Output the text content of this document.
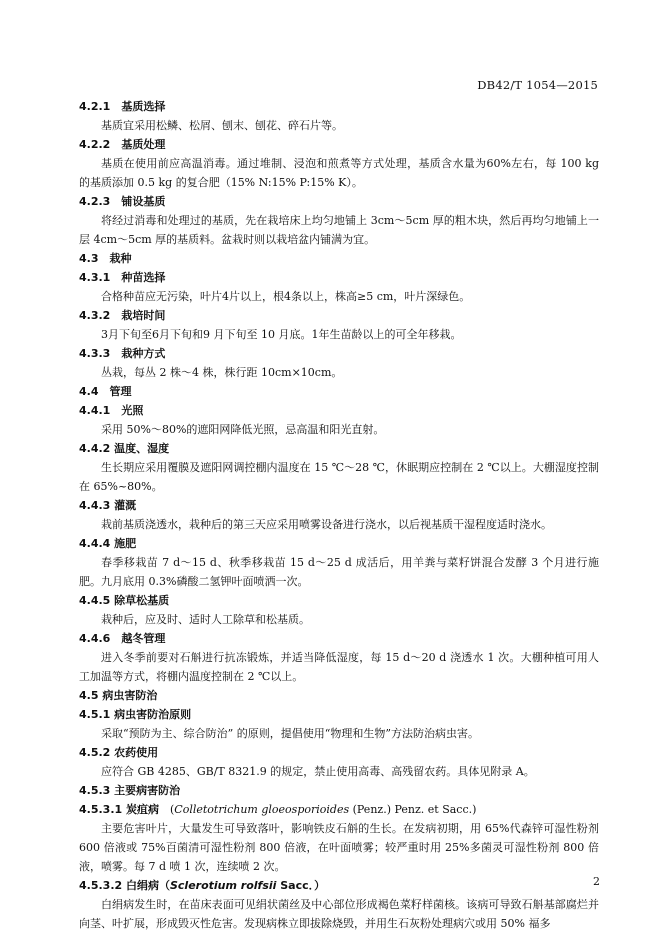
DB42/T 1054—2015
4.2.1　基质选择
基质宜采用松鳞、松屑、刨末、刨花、碎石片等。
4.2.2　基质处理
基质在使用前应高温消毒。通过堆制、浸泡和煎煮等方式处理，基质含水量为60%左右，每 100 kg 的基质添加 0.5 kg 的复合肥（15% N:15% P:15% K）。
4.2.3　铺设基质
将经过消毒和处理过的基质，先在栽培床上均匀地铺上 3cm～5cm 厚的粗木块，然后再均匀地铺上一层 4cm～5cm 厚的基质料。盆栽时则以栽培盆内铺满为宜。
4.3　栽种
4.3.1　种苗选择
合格种苗应无污染，叶片4片以上，根4条以上，株高≥5 cm，叶片深绿色。
4.3.2　栽培时间
3月下旬至6月下旬和9 月下旬至 10 月底。1年生苗龄以上的可全年移栽。
4.3.3　栽种方式
丛栽，每丛 2 株～4 株，株行距 10cm×10cm。
4.4　管理
4.4.1　光照
采用 50%～80%的遮阳网降低光照，忌高温和阳光直射。
4.4.2 温度、湿度
生长期应采用覆膜及遮阳网调控棚内温度在 15 ℃～28 ℃，休眠期应控制在 2 ℃以上。大棚湿度控制在 65%~80%。
4.4.3 灌溉
栽前基质浇透水，栽种后的第三天应采用喷雾设备进行浇水，以后视基质干湿程度适时浇水。
4.4.4 施肥
春季移栽苗 7 d～15 d、秋季移栽苗 15 d～25 d 成活后，用羊粪与菜籽饼混合发酵 3 个月进行施肥。九月底用 0.3%磷酸二氢钾叶面喷洒一次。
4.4.5 除草松基质
栽种后，应及时、适时人工除草和松基质。
4.4.6　越冬管理
进入冬季前要对石斛进行抗冻锻炼，并适当降低湿度，每 15 d～20 d 浇透水 1 次。大棚种植可用人工加温等方式，将棚内温度控制在 2 ℃以上。
4.5 病虫害防治
4.5.1 病虫害防治原则
采取“预防为主、综合防治” 的原则，提倡使用“物理和生物”方法防治病虫害。
4.5.2 农药使用
应符合 GB 4285、GB/T 8321.9 的规定，禁止使用高毒、高残留农药。具体见附录 A。
4.5.3 主要病害防治
4.5.3.1 炭疽病　(Colletotrichum gloeosporioides (Penz.) Penz. et Sacc.)
主要危害叶片，大量发生可导致落叶，影响铁皮石斛的生长。在发病初期，用 65%代森锌可湿性粉剂 600 倍液或 75%百菌清可湿性粉剂 800 倍液，在叶面喷雾；较严重时用 25%多菌灵可湿性粉剂 800 倍液，喷雾。每 7 d 喷 1 次，连续喷 2 次。
4.5.3.2 白绢病（Sclerotium rolfsii Sacc．）
白绢病发生时，在苗床表面可见绢状菌丝及中心部位形成褐色菜籽样菌核。该病可导致石斛基部腐烂并向茎、叶扩展，形成毁灭性危害。发现病株立即拔除烧毁，并用生石灰粉处理病穴或用 50% 福多
2
